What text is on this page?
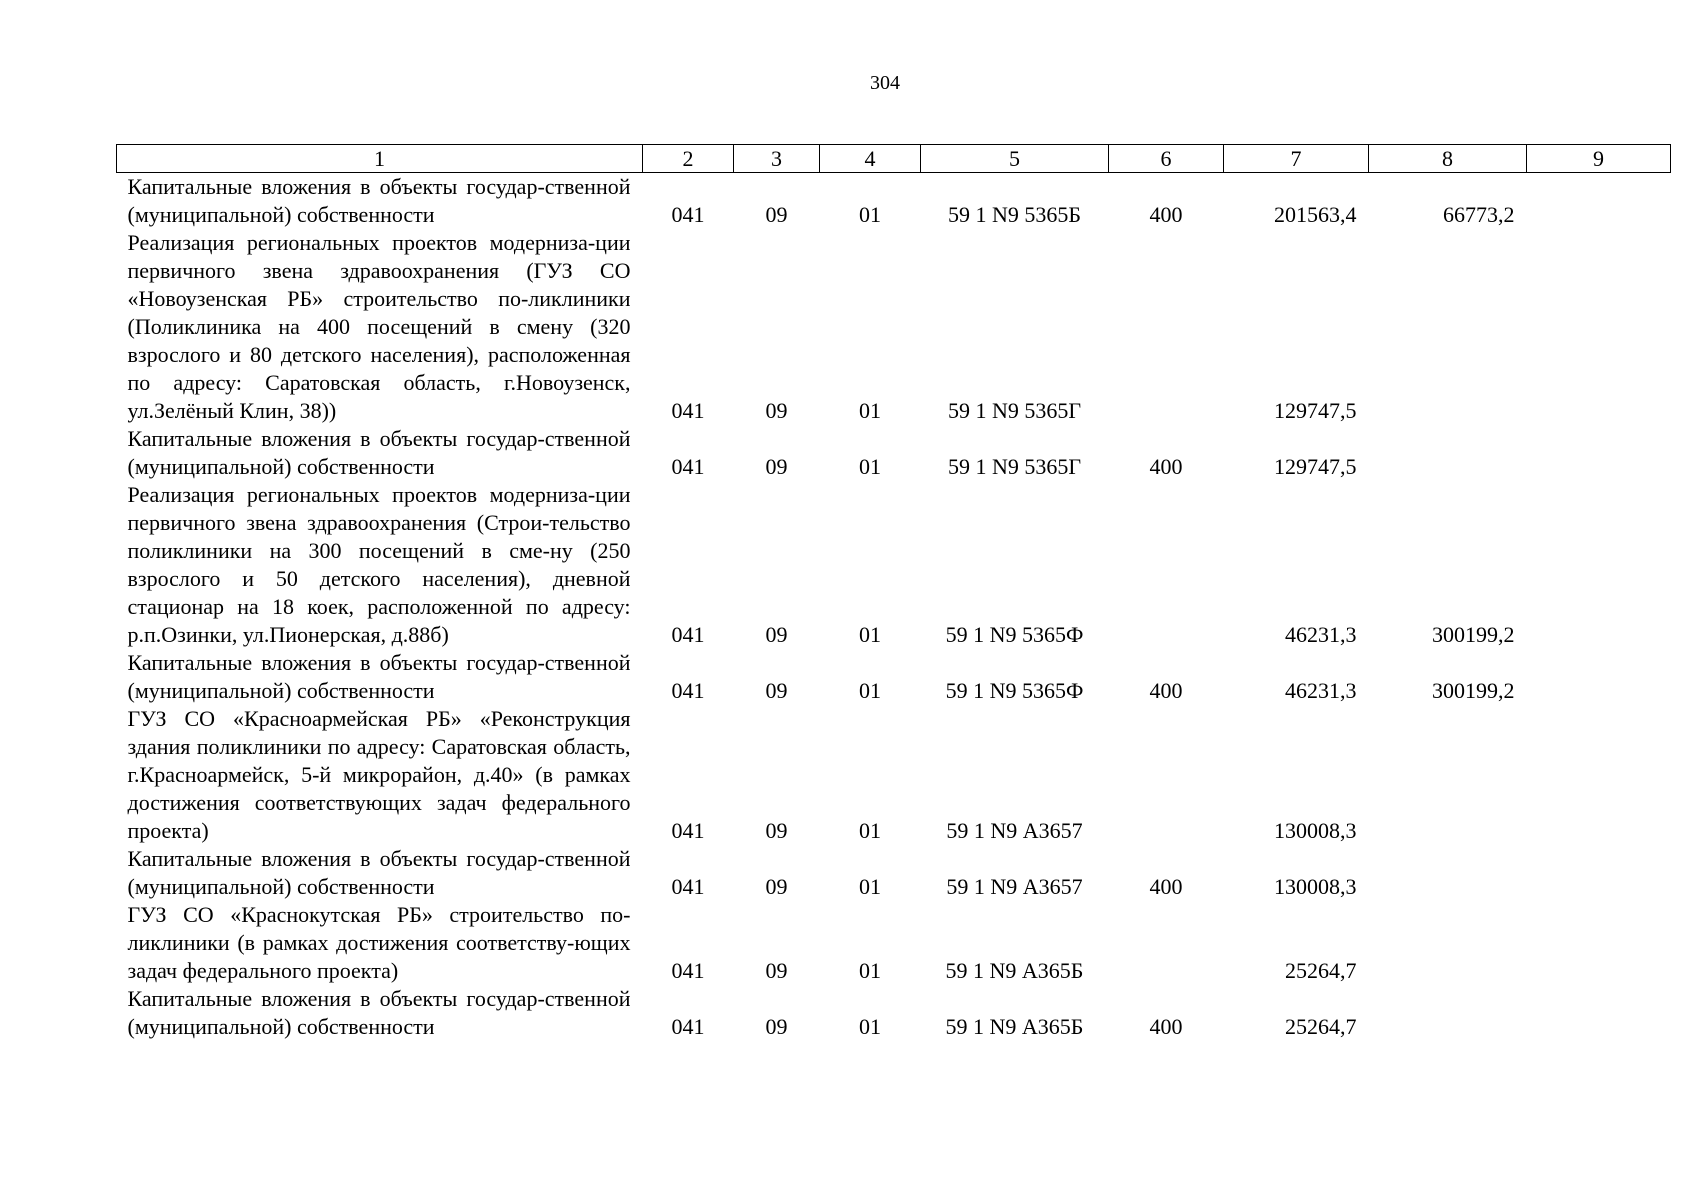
304
1	2	3	4	5	6	7	8	9
Капитальные вложения в объекты государ-ственной (муниципальной) собственности	041	09	01	59 1 N9 5365Б	400	201563,4	66773,2	
Реализация региональных проектов модерниза-ции первичного звена здравоохранения (ГУЗ СО «Новоузенская РБ» строительство по-ликлиники (Поликлиника на 400 посещений в смену (320 взрослого и 80 детского населения), расположенная по адресу: Саратовская область, г.Новоузенск, ул.Зелёный Клин, 38))	041	09	01	59 1 N9 5365Г		129747,5		
Капитальные вложения в объекты государ-ственной (муниципальной) собственности	041	09	01	59 1 N9 5365Г	400	129747,5		
Реализация региональных проектов модерниза-ции первичного звена здравоохранения (Строи-тельство поликлиники на 300 посещений в сме-ну (250 взрослого и 50 детского населения), дневной стационар на 18 коек, расположенной по адресу: р.п.Озинки, ул.Пионерская, д.88б)	041	09	01	59 1 N9 5365Ф		46231,3	300199,2	
Капитальные вложения в объекты государ-ственной (муниципальной) собственности	041	09	01	59 1 N9 5365Ф	400	46231,3	300199,2	
ГУЗ СО «Красноармейская РБ» «Реконструкция здания поликлиники по адресу: Саратовская область, г.Красноармейск, 5-й микрорайон, д.40» (в рамках достижения соответствующих задач федерального проекта)	041	09	01	59 1 N9 А3657		130008,3		
Капитальные вложения в объекты государ-ственной (муниципальной) собственности	041	09	01	59 1 N9 А3657	400	130008,3		
ГУЗ СО «Краснокутская РБ» строительство по-ликлиники (в рамках достижения соответству-ющих задач федерального проекта)	041	09	01	59 1 N9 А365Б		25264,7		
Капитальные вложения в объекты государ-ственной (муниципальной) собственности	041	09	01	59 1 N9 А365Б	400	25264,7		
